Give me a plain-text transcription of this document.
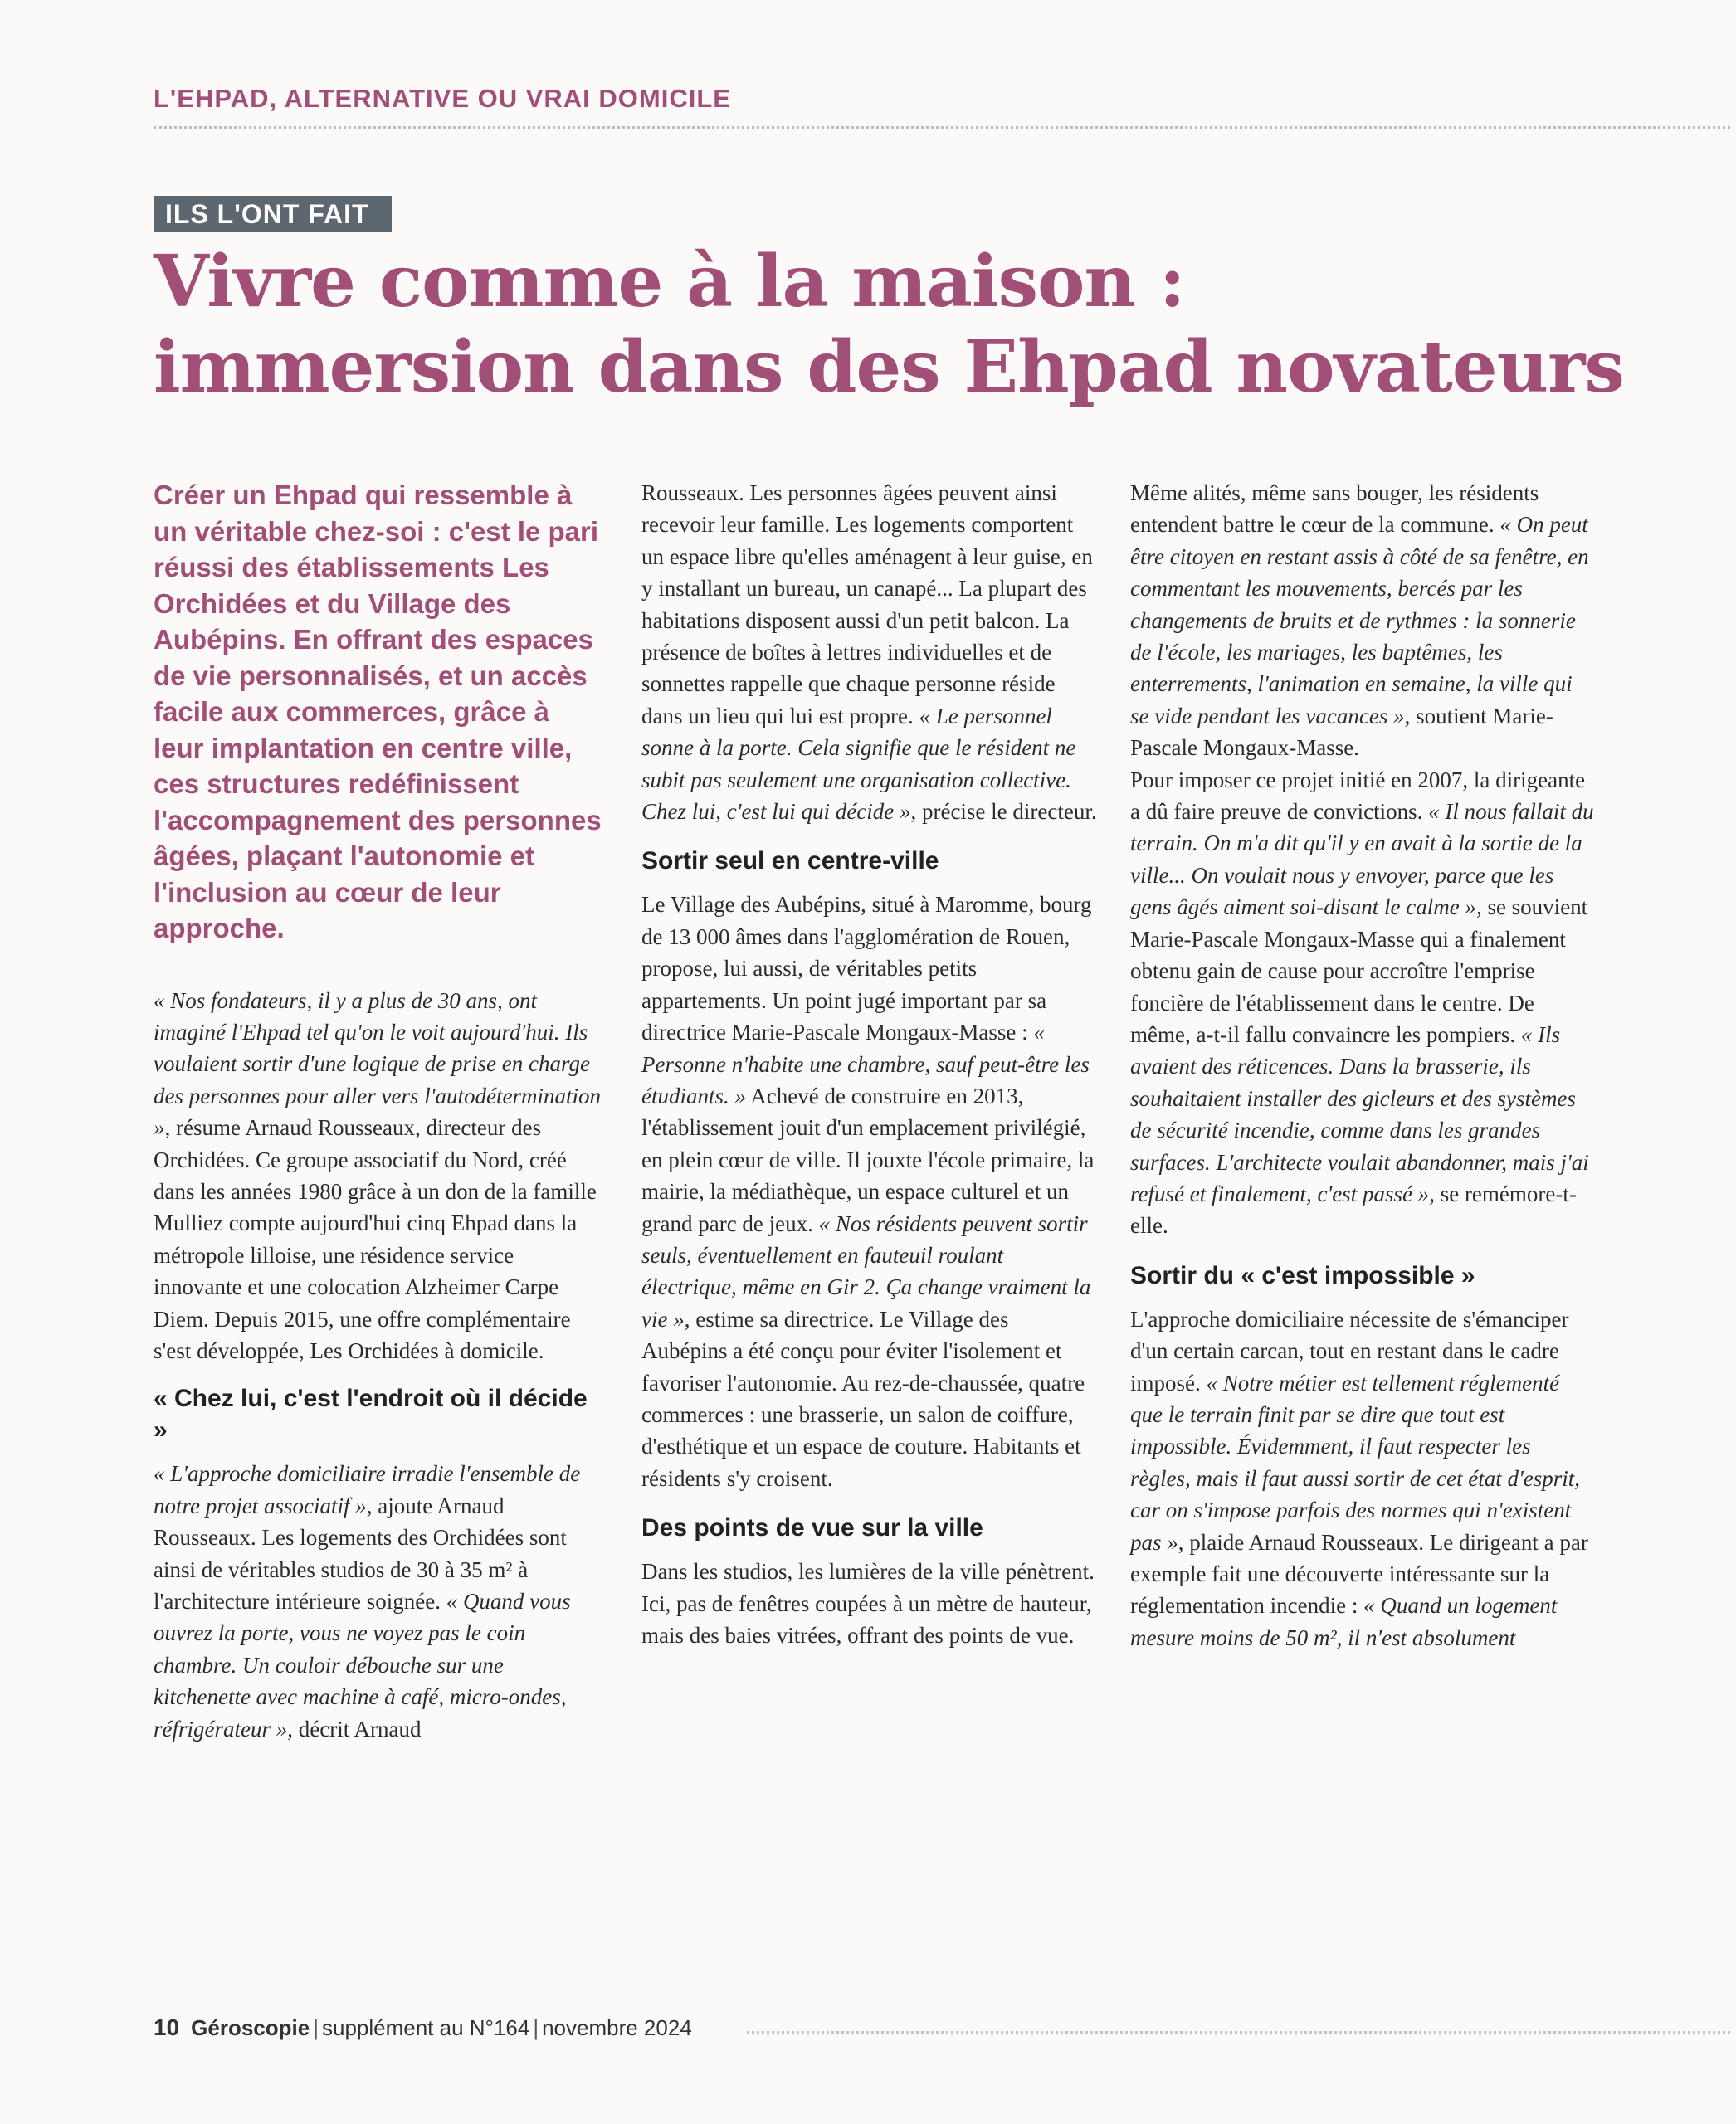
L'EHPAD, ALTERNATIVE OU VRAI DOMICILE
ILS L'ONT FAIT
Vivre comme à la maison :
immersion dans des Ehpad novateurs

Créer un Ehpad qui ressemble à un véritable chez-soi : c'est le pari réussi des établissements Les Orchidées et du Village des Aubépins. En offrant des espaces de vie personnalisés, et un accès facile aux commerces, grâce à leur implantation en centre ville, ces structures redéfinissent l'accompagnement des personnes âgées, plaçant l'autonomie et l'inclusion au cœur de leur approche.

« Nos fondateurs, il y a plus de 30 ans, ont imaginé l'Ehpad tel qu'on le voit aujourd'hui. Ils voulaient sortir d'une logique de prise en charge des personnes pour aller vers l'autodétermination », résume Arnaud Rousseaux, directeur des Orchidées. Ce groupe associatif du Nord, créé dans les années 1980 grâce à un don de la famille Mulliez compte aujourd'hui cinq Ehpad dans la métropole lilloise, une résidence service innovante et une colocation Alzheimer Carpe Diem. Depuis 2015, une offre complémentaire s'est développée, Les Orchidées à domicile.

« Chez lui, c'est l'endroit où il décide »

« L'approche domiciliaire irradie l'ensemble de notre projet associatif », ajoute Arnaud Rousseaux. Les logements des Orchidées sont ainsi de véritables studios de 30 à 35 m² à l'architecture intérieure soignée. « Quand vous ouvrez la porte, vous ne voyez pas le coin chambre. Un couloir débouche sur une kitchenette avec machine à café, micro-ondes, réfrigérateur », décrit Arnaud

Rousseaux. Les personnes âgées peuvent ainsi recevoir leur famille. Les logements comportent un espace libre qu'elles aménagent à leur guise, en y installant un bureau, un canapé... La plupart des habitations disposent aussi d'un petit balcon. La présence de boîtes à lettres individuelles et de sonnettes rappelle que chaque personne réside dans un lieu qui lui est propre. « Le personnel sonne à la porte. Cela signifie que le résident ne subit pas seulement une organisation collective. Chez lui, c'est lui qui décide », précise le directeur.

Sortir seul en centre-ville

Le Village des Aubépins, situé à Maromme, bourg de 13 000 âmes dans l'agglomération de Rouen, propose, lui aussi, de véritables petits appartements. Un point jugé important par sa directrice Marie-Pascale Mongaux-Masse : « Personne n'habite une chambre, sauf peut-être les étudiants. » Achevé de construire en 2013, l'établissement jouit d'un emplacement privilégié, en plein cœur de ville. Il jouxte l'école primaire, la mairie, la médiathèque, un espace culturel et un grand parc de jeux. « Nos résidents peuvent sortir seuls, éventuellement en fauteuil roulant électrique, même en Gir 2. Ça change vraiment la vie », estime sa directrice. Le Village des Aubépins a été conçu pour éviter l'isolement et favoriser l'autonomie. Au rez-de-chaussée, quatre commerces : une brasserie, un salon de coiffure, d'esthétique et un espace de couture. Habitants et résidents s'y croisent.

Des points de vue sur la ville

Dans les studios, les lumières de la ville pénètrent. Ici, pas de fenêtres coupées à un mètre de hauteur, mais des baies vitrées, offrant des points de vue.

Même alités, même sans bouger, les résidents entendent battre le cœur de la commune. « On peut être citoyen en restant assis à côté de sa fenêtre, en commentant les mouvements, bercés par les changements de bruits et de rythmes : la sonnerie de l'école, les mariages, les baptêmes, les enterrements, l'animation en semaine, la ville qui se vide pendant les vacances », soutient Marie-Pascale Mongaux-Masse.

Pour imposer ce projet initié en 2007, la dirigeante a dû faire preuve de convictions. « Il nous fallait du terrain. On m'a dit qu'il y en avait à la sortie de la ville... On voulait nous y envoyer, parce que les gens âgés aiment soi-disant le calme », se souvient Marie-Pascale Mongaux-Masse qui a finalement obtenu gain de cause pour accroître l'emprise foncière de l'établissement dans le centre. De même, a-t-il fallu convaincre les pompiers. « Ils avaient des réticences. Dans la brasserie, ils souhaitaient installer des gicleurs et des systèmes de sécurité incendie, comme dans les grandes surfaces. L'architecte voulait abandonner, mais j'ai refusé et finalement, c'est passé », se remémore-t-elle.

Sortir du « c'est impossible »

L'approche domiciliaire nécessite de s'émanciper d'un certain carcan, tout en restant dans le cadre imposé. « Notre métier est tellement réglementé que le terrain finit par se dire que tout est impossible. Évidemment, il faut respecter les règles, mais il faut aussi sortir de cet état d'esprit, car on s'impose parfois des normes qui n'existent pas », plaide Arnaud Rousseaux. Le dirigeant a par exemple fait une découverte intéressante sur la réglementation incendie : « Quand un logement mesure moins de 50 m², il n'est absolument

10 Géroscopie | supplément au N°164 | novembre 2024
